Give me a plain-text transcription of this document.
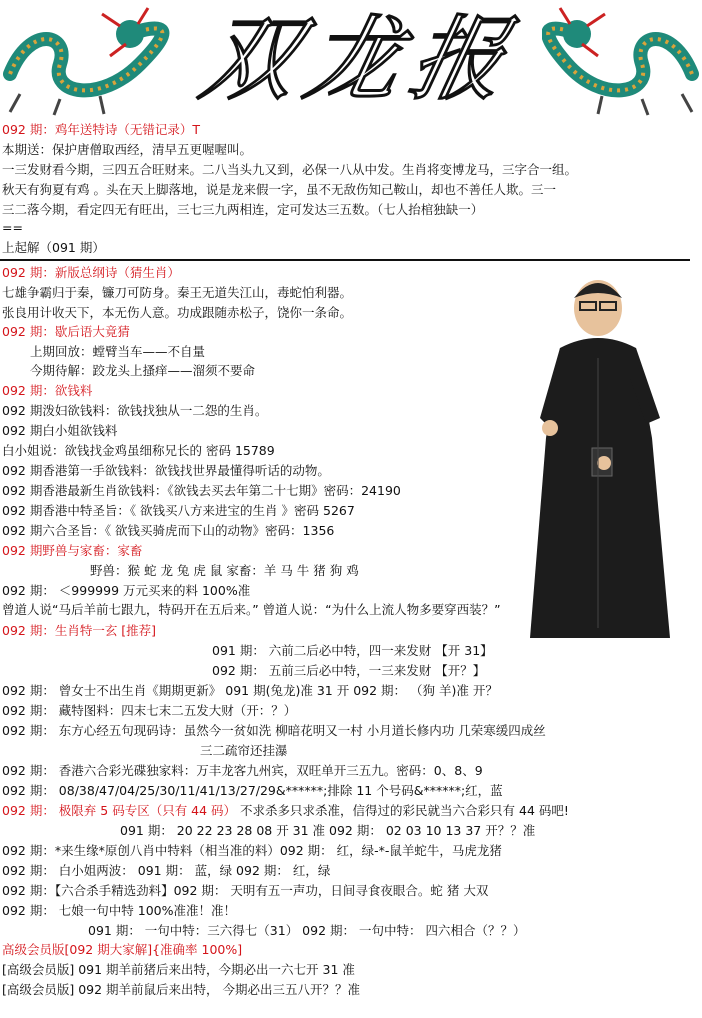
双龙报
092 期：鸡年送特诗（无错记录）T
本期送：保护唐僧取西经，清早五更喔喔叫。
一三发财看今期，三四五合旺财来。二八当头九又到，必保一八从中发。生肖将变博龙马，三字合一组。
秋天有狗夏有鸡 。头在天上脚落地，说是龙来假一字，虽不无敌伤知己鞍山，却也不善任人欺。三一
三二落今期，看定四无有旺出，三七三九两相连，定可发达三五数。（七人抬棺独缺一）
==
上起解（091 期）
092 期：新版总纲诗（猜生肖）
七雄争霸归于秦，镰刀可防身。秦王无道失江山，毒蛇怕利器。
张良用计收天下，本无伤人意。功成跟随赤松子，饶你一条命。
092 期：歇后语大竟猜
上期回放：螳臂当车——不自量
今期待解：跤龙头上搔痒——溜须不要命
092 期：欲钱料
092 期泼妇欲钱料：欲钱找独从一二怨的生肖。
092 期白小姐欲钱料
白小姐说：欲钱找金鸡虽细称兄长的 密码 15789
092 期香港第一手欲钱料：欲钱找世界最懂得听话的动物。
092 期香港最新生肖欲钱料：《欲钱去买去年第二十七期》密码：24190
092 期香港中特圣旨：《 欲钱买八方来进宝的生肖 》密码 5267
092 期六合圣旨：《 欲钱买骑虎而下山的动物》密码：1356
092 期野兽与家畜：家畜
野兽：猴 蛇 龙 兔 虎 鼠 家畜：羊 马 牛 猪 狗 鸡
092 期： ＜999999 万元买来的料 100%准
曾道人说“马后羊前七跟九，特码开在五后来。” 曾道人说：“为什么上流人物多要穿西装？”
092 期：生肖特一玄 [推荐]
091 期： 六前二后必中特，四一来发财 【开 31】
092 期： 五前三后必中特，一三来发财 【开？】
092 期： 曾女士不出生肖《期期更新》 091 期(兔龙)准 31 开 092 期： （狗 羊)准 开？
092 期： 藏特图料：四末七末二五发大财（开：？）
092 期： 东方心经五句现码诗：虽然今一贫如洗 柳暗花明又一村 小月道长修内功 几荣寒缓四成丝
三二疏帘还挂瀑
092 期： 香港六合彩光碟独家料：万丰龙客九州宾，双旺单开三五九。密码：0、8、9
092 期： 08/38/47/04/25/30/11/41/13/27/29&******;排除 11 个号码&******;红，蓝
092 期： 极限弃 5 码专区（只有 44 码） 不求杀多只求杀准，信得过的彩民就当六合彩只有 44 码吧!
091 期： 20 22 23 28 08 开 31 准 092 期： 02 03 10 13 37 开？？准
092 期：*来生缘*原创八肖中特料（相当准的料）092 期： 红，绿-*-鼠羊蛇牛，马虎龙猪
092 期： 白小姐两波： 091 期： 蓝，绿 092 期： 红，绿
092 期：【六合杀手精选劲料】092 期： 天明有五一声功，日间寻食夜眼合。蛇 猪 大双
092 期： 七娘一句中特 100%准准！准！
091 期： 一句中特：三六得七（31） 092 期： 一句中特： 四六相合（？？）
高级会员版[092 期大家解]{准确率 100%]
[高级会员版] 091 期羊前猪后来出特，今期必出一六七开 31 准
[高级会员版] 092 期羊前鼠后来出特， 今期必出三五八开？？准
